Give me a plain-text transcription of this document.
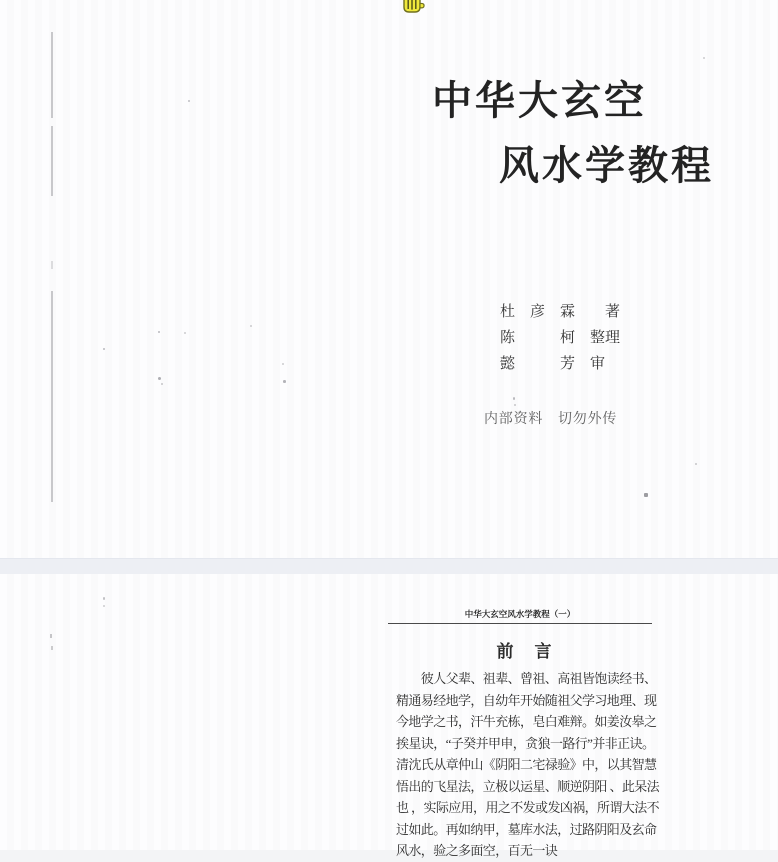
中华大玄空
风水学教程
杜　彦　霖　　著
陈　　　柯　整理
懿　　　芳　审
内部资料　切勿外传
中华大玄空风水学教程（一）
前　言
　　彼人父辈、祖辈、曾祖、高祖皆饱读经书、
精通易经地学，自幼年开始随祖父学习地理、现
今地学之书，汗牛充栋，皂白难辩。如姜汝皋之
挨星诀，“子癸并甲申，贪狼一路行”并非正诀。
清沈氏从章仲山《阴阳二宅禄验》中，以其智慧
悟出的飞星法，立极以运星、顺逆阴阳 、此呆法
也 ，实际应用，用之不发或发凶祸，所谓大法不
过如此。再如纳甲，墓库水法，过路阴阳及玄命
风水，验之多面空，百无一诀
